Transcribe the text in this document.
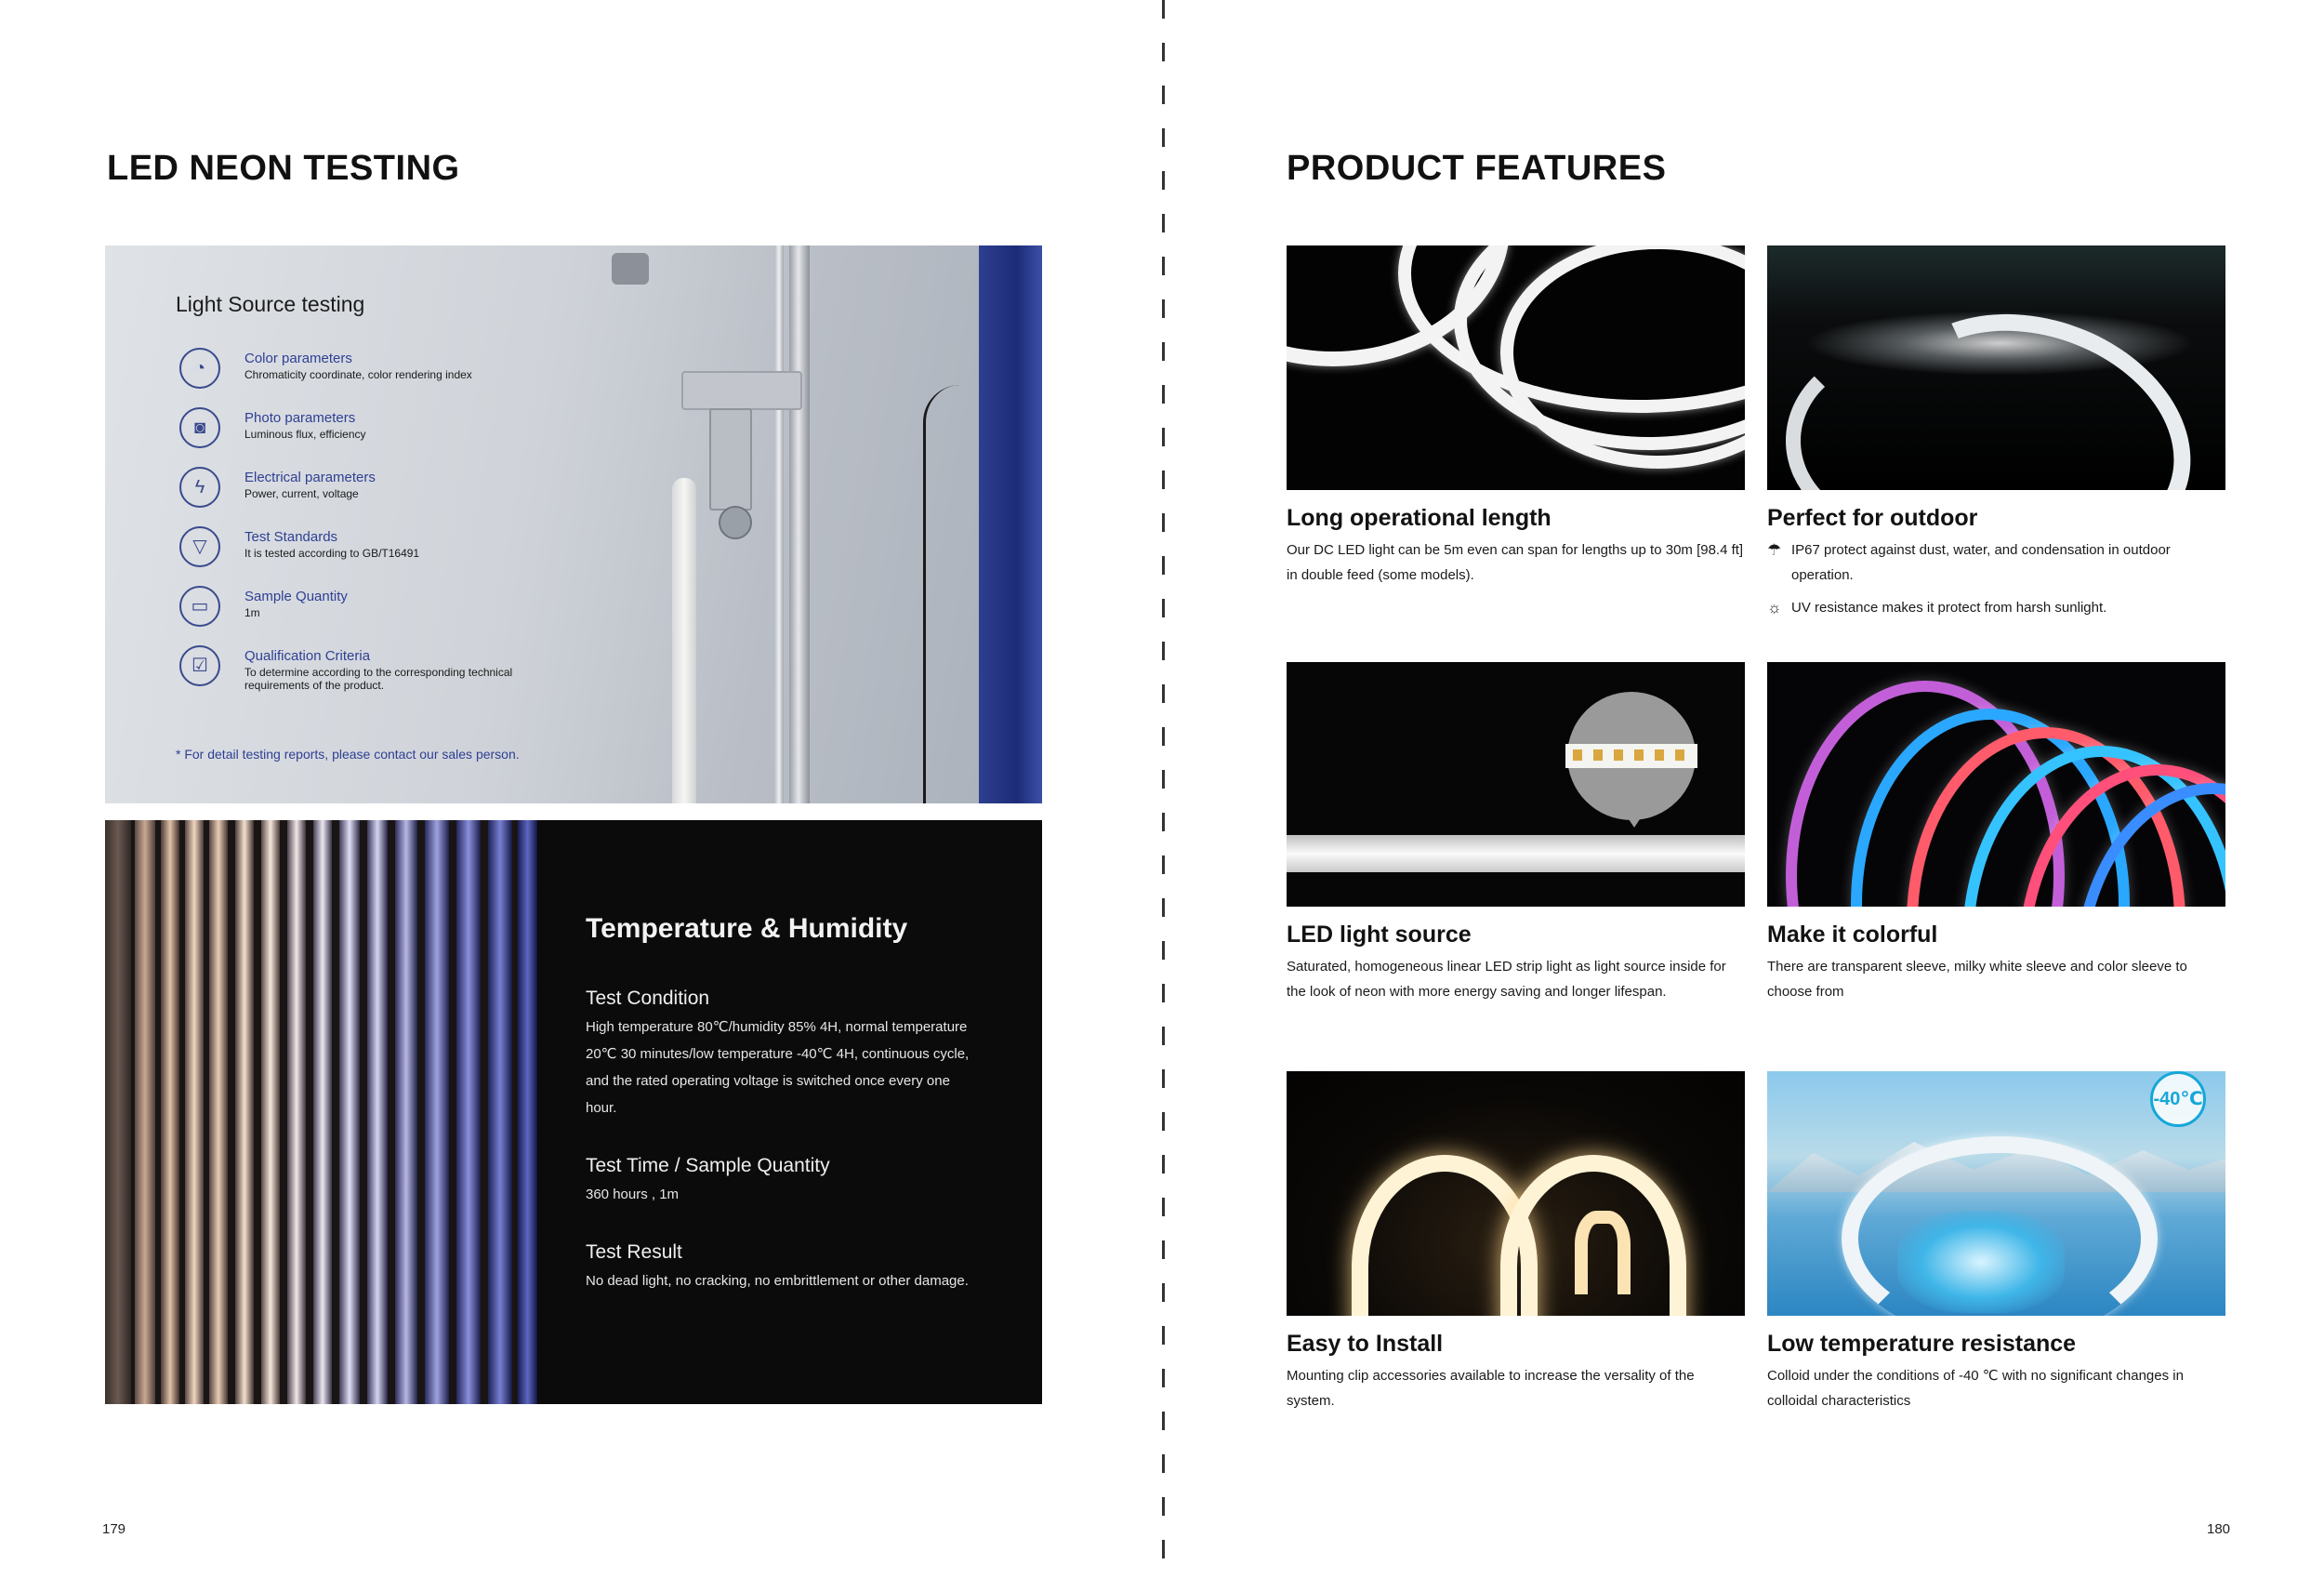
LED NEON TESTING
Light Source testing
◔	Color parameters
Chromaticity coordinate, color rendering index
◙	Photo parameters
Luminous flux, efficiency
ϟ	Electrical parameters
Power, current, voltage
▽	Test Standards
It is tested according to GB/T16491
▭	Sample Quantity
1m
☑	Qualification Criteria
To determine according to the corresponding technical requirements of the product.
* For detail testing reports, please contact our sales person.
Temperature & Humidity
Test Condition

High temperature 80℃/humidity 85% 4H, normal temperature 20℃ 30 minutes/low temperature -40℃ 4H, continuous cycle, and the rated operating voltage is switched once every one hour.

Test Time / Sample Quantity

360 hours , 1m

Test Result

No dead light, no cracking, no embrittlement or other damage.

179
PRODUCT FEATURES
Long operational length

Our DC LED light can be 5m even can span for lengths up to 30m [98.4 ft] in double feed (some models).

Perfect for outdoor
☂ IP67 protect against dust, water, and condensation in outdoor operation.
☼ UV resistance makes it protect from harsh sunlight.
LED light source

Saturated, homogeneous linear LED strip light as light source inside for the look of neon with more energy saving and longer lifespan.

Make it colorful

There are transparent sleeve, milky white sleeve and color sleeve to choose from

Easy to Install

Mounting clip accessories available to increase the versality of the system.

-40℃
Low temperature resistance

Colloid under the conditions of -40 ℃ with no significant changes in colloidal characteristics

180
